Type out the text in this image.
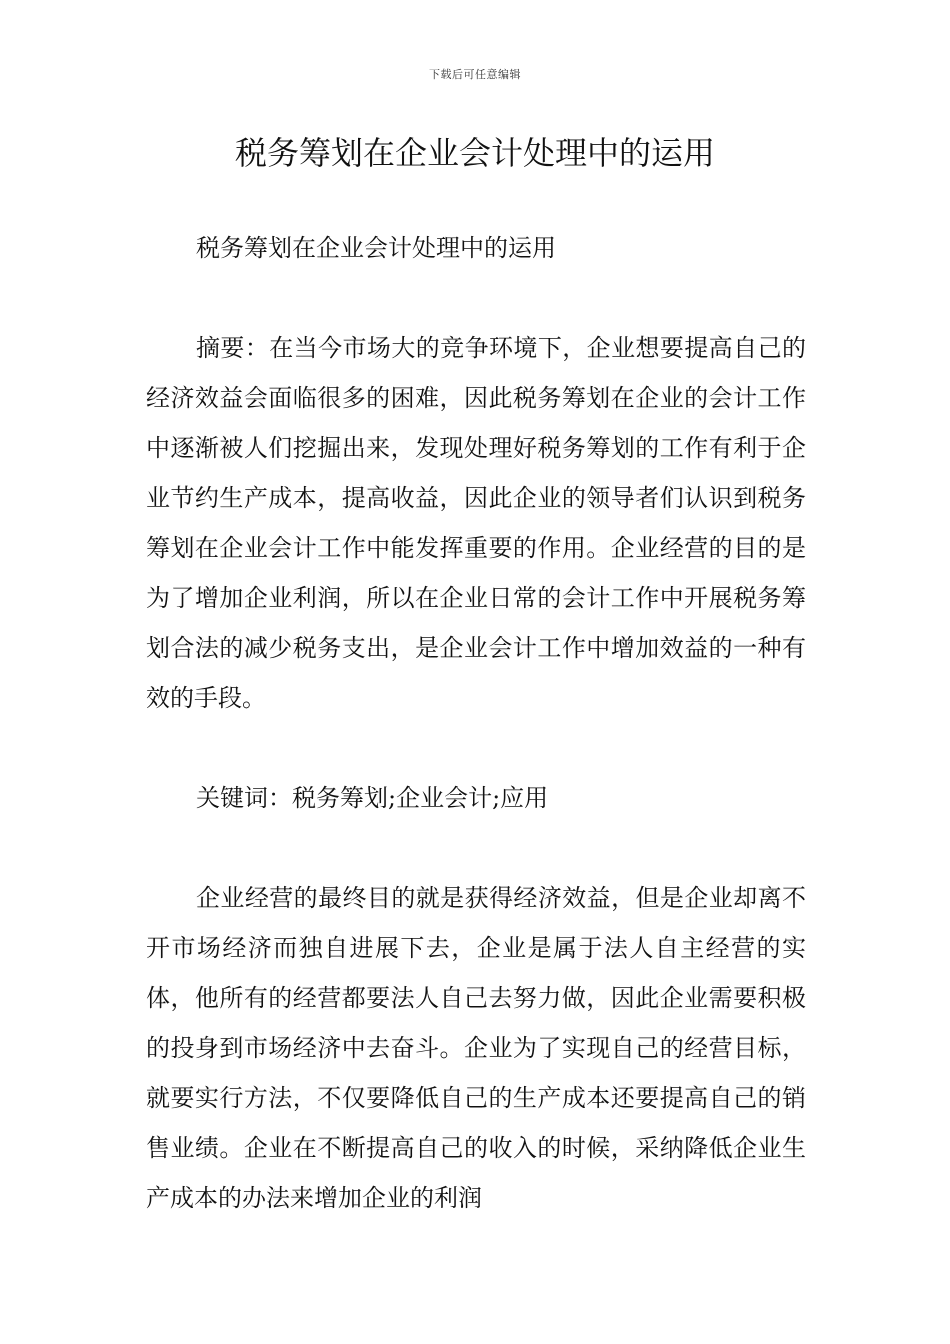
下载后可任意编辑
税务筹划在企业会计处理中的运用

税务筹划在企业会计处理中的运用

摘要：在当今市场大的竞争环境下，企业想要提高自己的经济效益会面临很多的困难，因此税务筹划在企业的会计工作中逐渐被人们挖掘出来，发现处理好税务筹划的工作有利于企业节约生产成本，提高收益，因此企业的领导者们认识到税务筹划在企业会计工作中能发挥重要的作用。企业经营的目的是为了增加企业利润，所以在企业日常的会计工作中开展税务筹划合法的减少税务支出，是企业会计工作中增加效益的一种有效的手段。

关键词：税务筹划;企业会计;应用

企业经营的最终目的就是获得经济效益，但是企业却离不开市场经济而独自进展下去，企业是属于法人自主经营的实体，他所有的经营都要法人自己去努力做，因此企业需要积极的投身到市场经济中去奋斗。企业为了实现自己的经营目标，就要实行方法，不仅要降低自己的生产成本还要提高自己的销售业绩。企业在不断提高自己的收入的时候，采纳降低企业生产成本的办法来增加企业的利润
